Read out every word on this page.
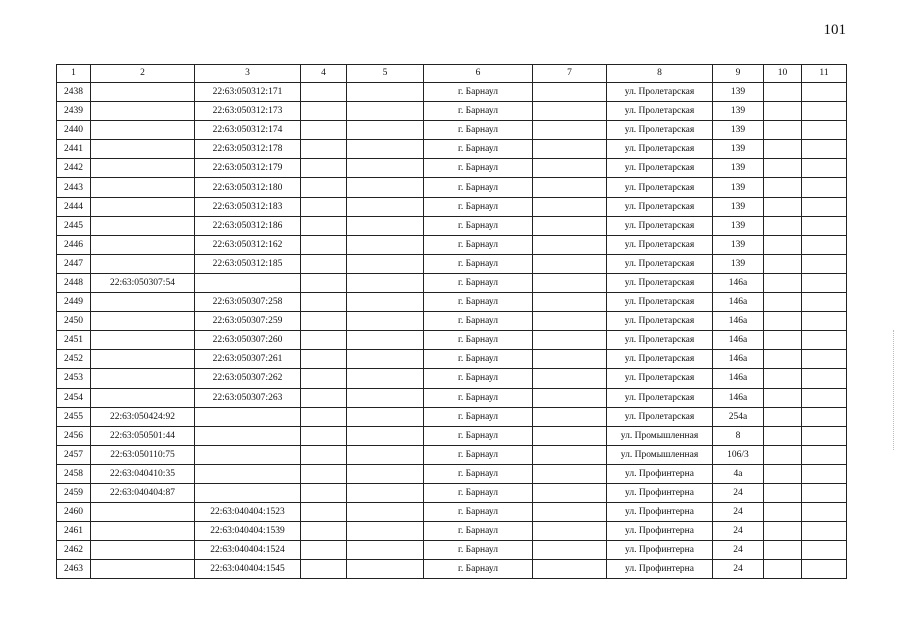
101
1	2	3	4	5	6	7	8	9	10	11	
2438		22:63:050312:171			г. Барнаул		ул. Пролетарская	139			
2439		22:63:050312:173			г. Барнаул		ул. Пролетарская	139			
2440		22:63:050312:174			г. Барнаул		ул. Пролетарская	139			
2441		22:63:050312:178			г. Барнаул		ул. Пролетарская	139			
2442		22:63:050312:179			г. Барнаул		ул. Пролетарская	139			
2443		22:63:050312:180			г. Барнаул		ул. Пролетарская	139			
2444		22:63:050312:183			г. Барнаул		ул. Пролетарская	139			
2445		22:63:050312:186			г. Барнаул		ул. Пролетарская	139			
2446		22:63:050312:162			г. Барнаул		ул. Пролетарская	139			
2447		22:63:050312:185			г. Барнаул		ул. Пролетарская	139			
2448	22:63:050307:54				г. Барнаул		ул. Пролетарская	146а			
2449		22:63:050307:258			г. Барнаул		ул. Пролетарская	146а			
2450		22:63:050307:259			г. Барнаул		ул. Пролетарская	146а			
2451		22:63:050307:260			г. Барнаул		ул. Пролетарская	146а			
2452		22:63:050307:261			г. Барнаул		ул. Пролетарская	146а			
2453		22:63:050307:262			г. Барнаул		ул. Пролетарская	146а			
2454		22:63:050307:263			г. Барнаул		ул. Пролетарская	146а			
2455	22:63:050424:92				г. Барнаул		ул. Пролетарская	254а			
2456	22:63:050501:44				г. Барнаул		ул. Промышленная	8			
2457	22:63:050110:75				г. Барнаул		ул. Промышленная	106/3			
2458	22:63:040410:35				г. Барнаул		ул. Профинтерна	4а			
2459	22:63:040404:87				г. Барнаул		ул. Профинтерна	24			
2460		22:63:040404:1523			г. Барнаул		ул. Профинтерна	24			
2461		22:63:040404:1539			г. Барнаул		ул. Профинтерна	24			
2462		22:63:040404:1524			г. Барнаул		ул. Профинтерна	24			
2463		22:63:040404:1545			г. Барнаул		ул. Профинтерна	24			
